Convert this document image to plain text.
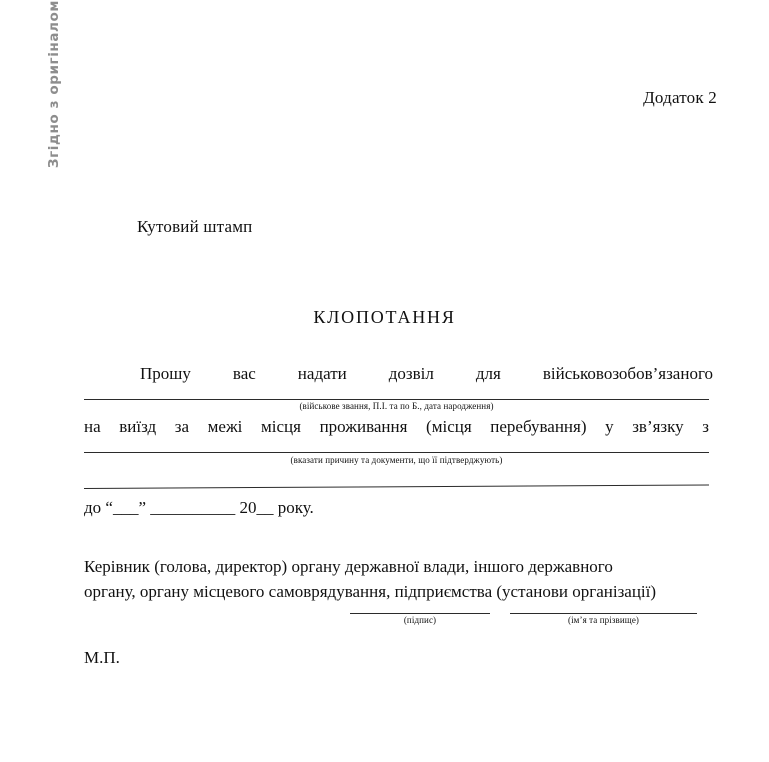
Згідно з оригіналом	Додаток 2
Кутовий штамп
КЛОПОТАННЯ
Прошу вас надати дозвіл для військовозобов’язаного
(військове звання, П.І. та по Б., дата народження)
на виїзд за межі місця проживання (місця перебування) у зв’язку з
(вказати причину та документи, що її підтверджують)
до “___” __________ 20__ року.
Керівник (голова, директор) органу державної влади, іншого державного
органу, органу місцевого самоврядування, підприємства (установи організації)
(підпис)	(ім’я та прізвище)
М.П.
